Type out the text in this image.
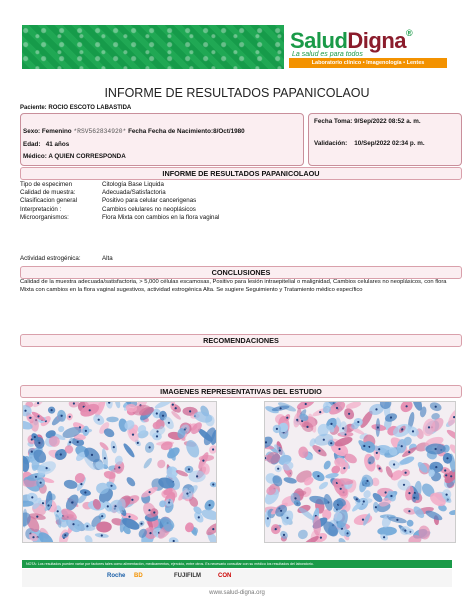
SaludDigna®
La salud es para todos
Laboratorio clínico • Imagenología • Lentes
INFORME DE RESULTADOS PAPANICOLAOU
Paciente: ROCIO ESCOTO LABASTIDA
Sexo: Femenino *RSV562834920* Fecha Fecha de Nacimiento:8/Oct/1980
Edad: 41 años
Médico: A QUIEN CORRESPONDA
Fecha Toma: 9/Sep/2022 08:52 a. m.
Validación: 10/Sep/2022 02:34 p. m.
INFORME DE RESULTADOS PAPANICOLAOU
Tipo de especimen	Citología Base Liquida
Calidad de muestra:	Adecuada/Satisfactoria
Clasificacion general	Positivo para celular cancerigenas
Interpretación :	Cambios celulares no neoplásicos
Microorganismos:	Flora Mixta con cambios en la flora vaginal
Actividad estrogénica:	Alta
CONCLUSIONES
Calidad de la muestra adecuada/satisfactoria, > 5,000 células escamosas, Positivo para lesión intraepitelial o malignidad, Cambios celulares no neoplásicos, con flora Mixta con cambios en la flora vaginal sugestivos, actividad estrogénica Alta. Se sugiere Seguimiento y Tratamiento médico específico
RECOMENDACIONES
IMAGENES REPRESENTATIVAS DEL ESTUDIO
NOTA: Los resultados pueden variar por factores tales como alimentación, medicamentos, ejercicio, entre otros. Es necesario consultar con su médico los resultados del laboratorio.
Roche BD	FUJIFILM	CON
www.salud-digna.org
